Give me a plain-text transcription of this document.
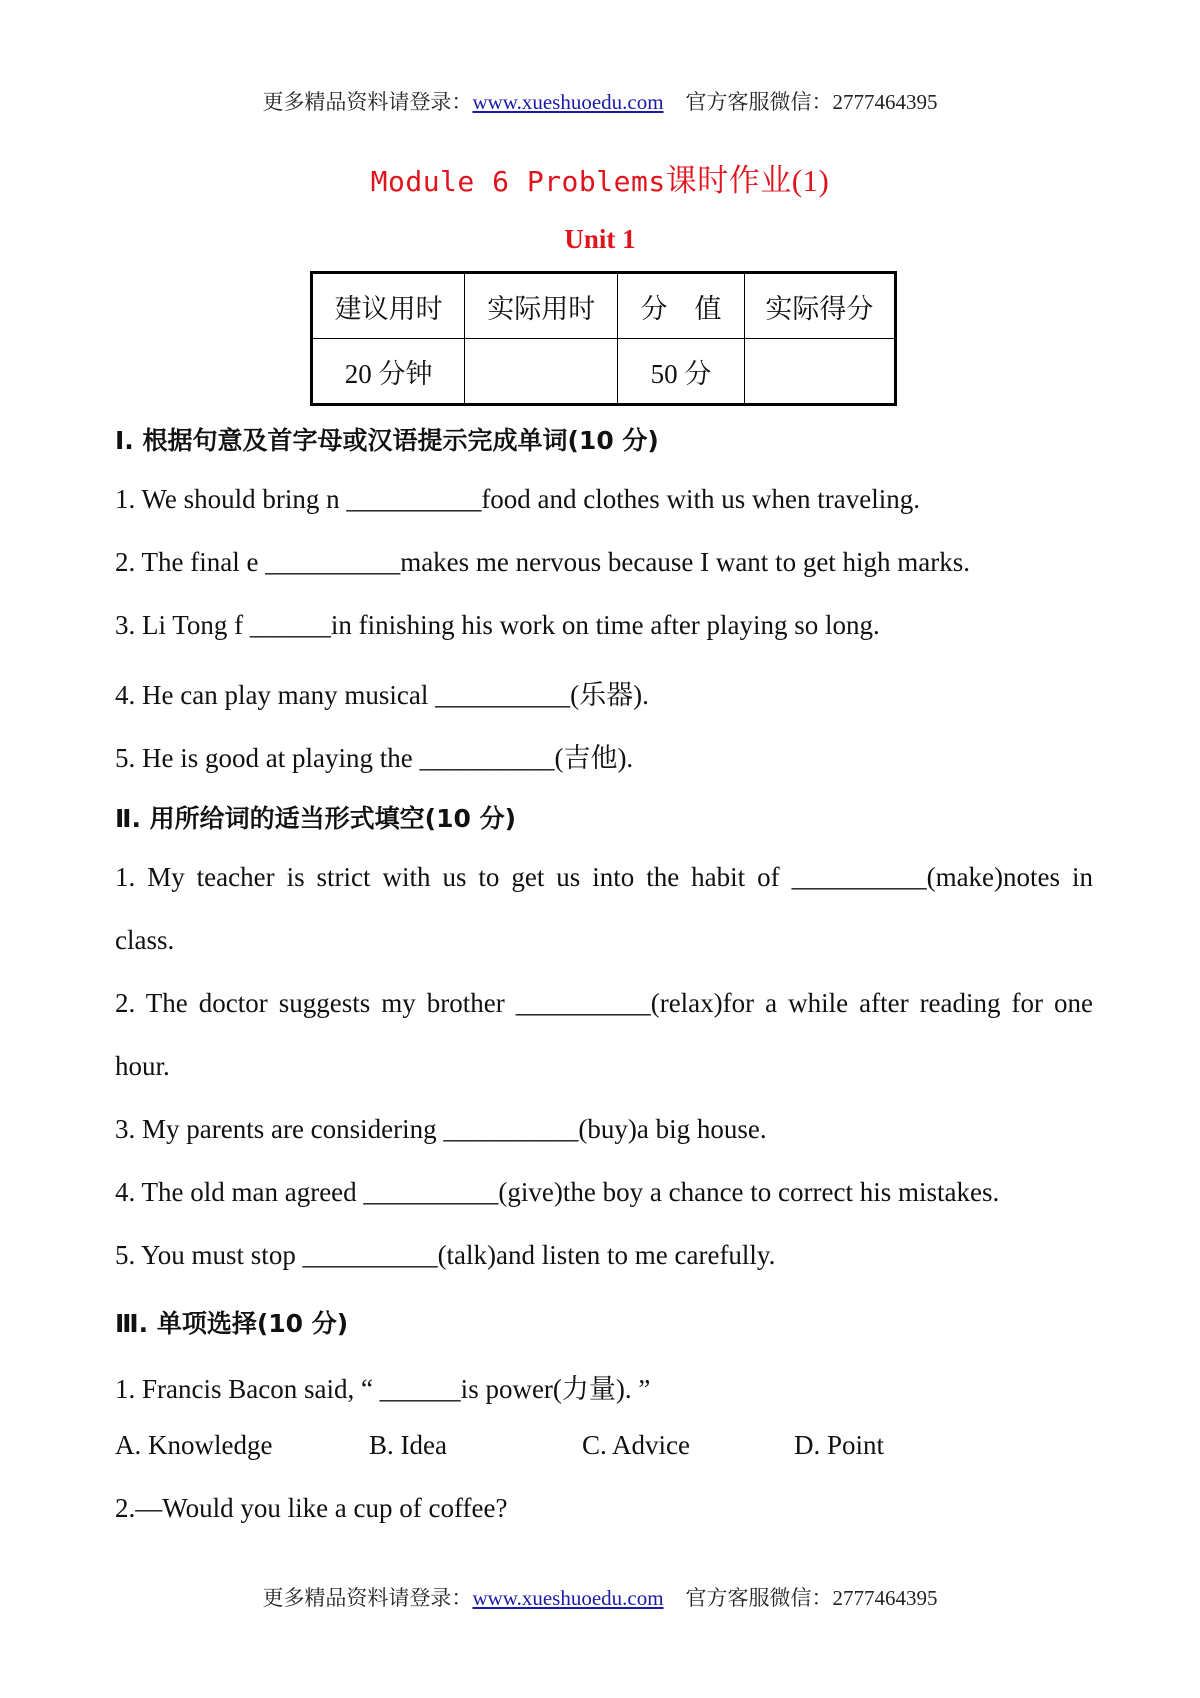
更多精品资料请登录：www.xueshuoedu.com 官方客服微信：2777464395
Module 6 Problems课时作业(1)
Unit 1
建议用时	实际用时	分　值	实际得分
20 分钟		50 分	
Ⅰ. 根据句意及首字母或汉语提示完成单词(10 分)
1. We should bring n __________food and clothes with us when traveling.
2. The final e __________makes me nervous because I want to get high marks.
3. Li Tong f ______in finishing his work on time after playing so long.
4. He can play many musical __________(乐器).
5. He is good at playing the __________(吉他).
Ⅱ. 用所给词的适当形式填空(10 分)
1. My teacher is strict with us to get us into the habit of __________(make)notes in
class.
2. The doctor suggests my brother __________(relax)for a while after reading for one
hour.
3. My parents are considering __________(buy)a big house.
4. The old man agreed __________(give)the boy a chance to correct his mistakes.
5. You must stop __________(talk)and listen to me carefully.
Ⅲ. 单项选择(10 分)
1. Francis Bacon said, “ ______is power(力量). ”
A. Knowledge	B. Idea	C. Advice	D. Point
2.—Would you like a cup of coffee?
更多精品资料请登录：www.xueshuoedu.com 官方客服微信：2777464395
